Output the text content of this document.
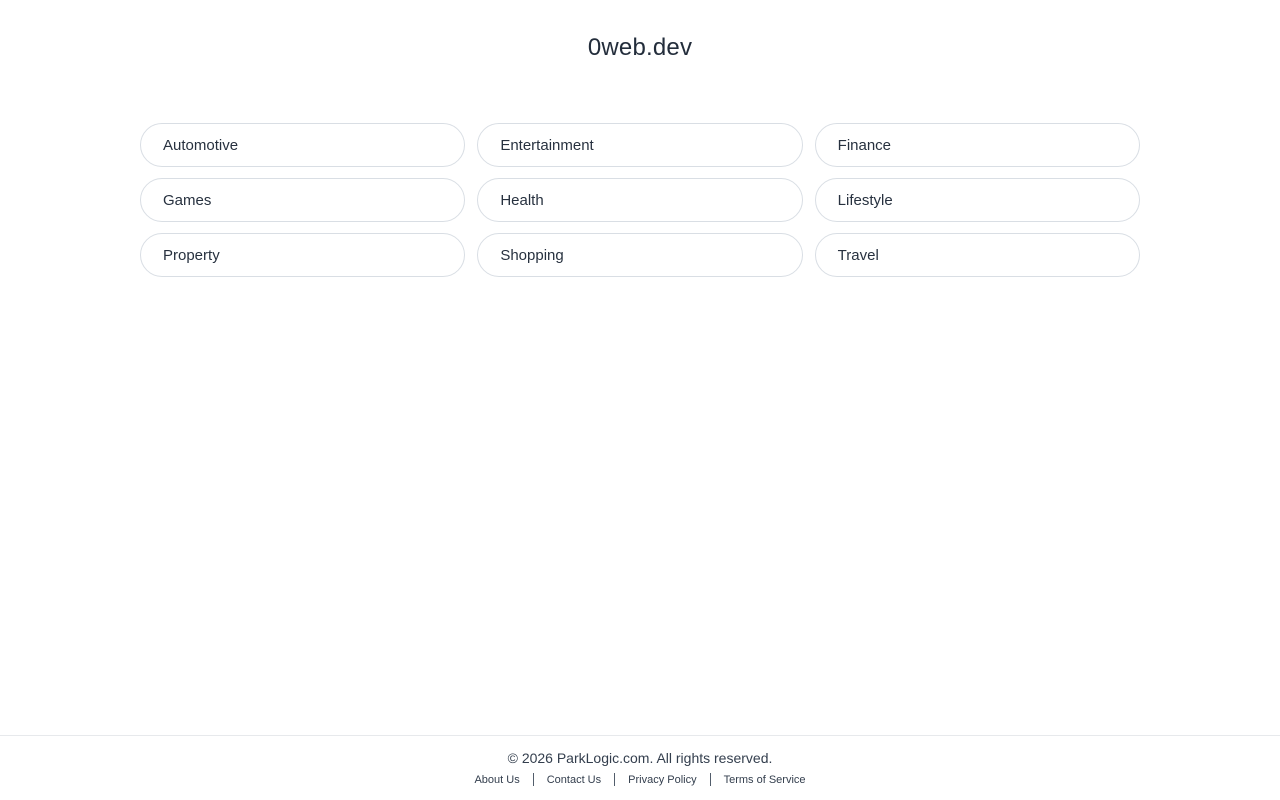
0web.dev
Automotive	Entertainment	Finance
Games	Health	Lifestyle
Property	Shopping	Travel
© 2026 ParkLogic.com. All rights reserved.
About Us Contact Us Privacy Policy Terms of Service
